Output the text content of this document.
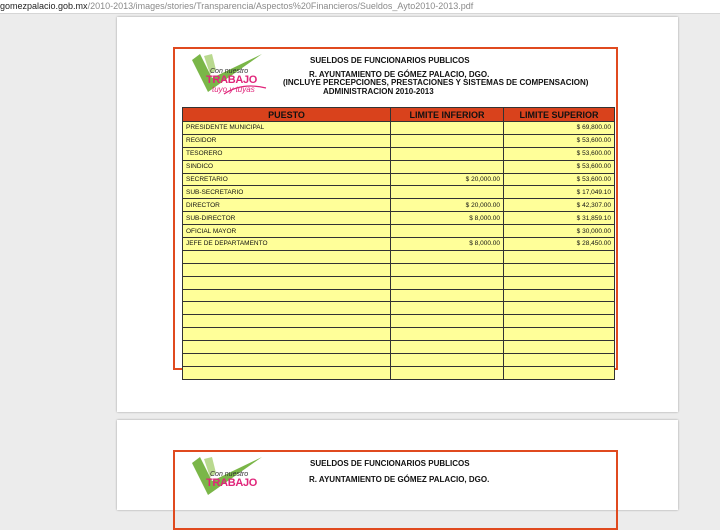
gomezpalacio.gob.mx/2010-2013/images/stories/Transparencia/Aspectos%20Financieros/Sueldos_Ayto2010-2013.pdf
Con nuestro
TRABAJO
tuyo y tuyas
SUELDOS DE FUNCIONARIOS PUBLICOS
R. AYUNTAMIENTO DE GÓMEZ PALACIO, DGO.
(INCLUYE PERCEPCIONES, PRESTACIONES Y SISTEMAS DE COMPENSACION)
ADMINISTRACION 2010-2013
PUESTO	LIMITE INFERIOR	LIMITE SUPERIOR
PRESIDENTE MUNICIPAL		$ 69,800.00
REGIDOR		$ 53,600.00
TESORERO		$ 53,600.00
SINDICO		$ 53,600.00
SECRETARIO	$ 20,000.00	$ 53,600.00
SUB-SECRETARIO		$ 17,049.10
DIRECTOR	$ 20,000.00	$ 42,307.00
SUB-DIRECTOR	$ 8,000.00	$ 31,859.10
OFICIAL MAYOR		$ 30,000.00
JEFE DE DEPARTAMENTO	$ 8,000.00	$ 28,450.00

Con nuestro
TRABAJO
SUELDOS DE FUNCIONARIOS PUBLICOS
R. AYUNTAMIENTO DE GÓMEZ PALACIO, DGO.
